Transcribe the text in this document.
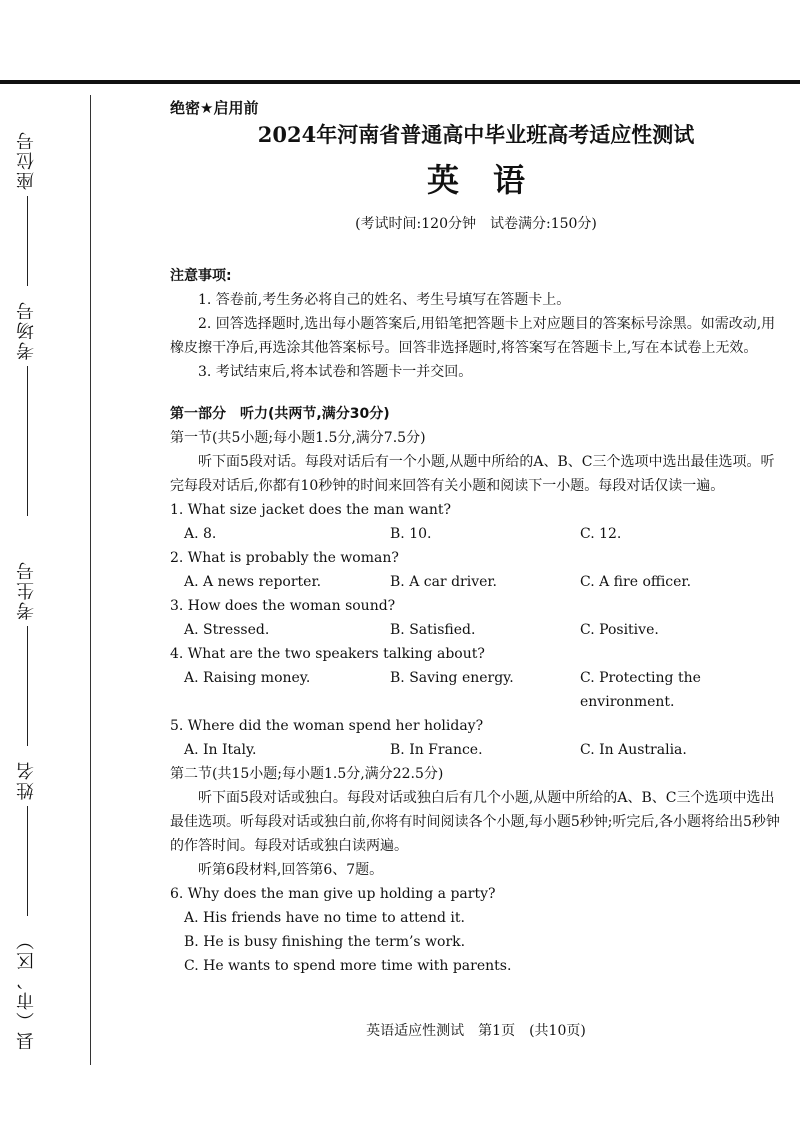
座位号
考场号
考生号
姓名
县（市、区）
绝密★启用前
2024年河南省普通高中毕业班高考适应性测试
英语
(考试时间:120分钟　试卷满分:150分)
注意事项:
1. 答卷前,考生务必将自己的姓名、考生号填写在答题卡上。
2. 回答选择题时,选出每小题答案后,用铅笔把答题卡上对应题目的答案标号涂黑。如需改动,用橡皮擦干净后,再选涂其他答案标号。回答非选择题时,将答案写在答题卡上,写在本试卷上无效。
3. 考试结束后,将本试卷和答题卡一并交回。
第一部分　听力(共两节,满分30分)
第一节(共5小题;每小题1.5分,满分7.5分)
听下面5段对话。每段对话后有一个小题,从题中所给的A、B、C三个选项中选出最佳选项。听完每段对话后,你都有10秒钟的时间来回答有关小题和阅读下一小题。每段对话仅读一遍。
1. What size jacket does the man want?
A. 8.	B. 10.	C. 12.
2. What is probably the woman?
A. A news reporter.	B. A car driver.	C. A fire officer.
3. How does the woman sound?
A. Stressed.	B. Satisfied.	C. Positive.
4. What are the two speakers talking about?
A. Raising money.	B. Saving energy.	C. Protecting the environment.
5. Where did the woman spend her holiday?
A. In Italy.	B. In France.	C. In Australia.
第二节(共15小题;每小题1.5分,满分22.5分)
听下面5段对话或独白。每段对话或独白后有几个小题,从题中所给的A、B、C三个选项中选出最佳选项。听每段对话或独白前,你将有时间阅读各个小题,每小题5秒钟;听完后,各小题将给出5秒钟的作答时间。每段对话或独白读两遍。
听第6段材料,回答第6、7题。
6. Why does the man give up holding a party?
A. His friends have no time to attend it.
B. He is busy finishing the term’s work.
C. He wants to spend more time with parents.
英语适应性测试　第1页　(共10页)
